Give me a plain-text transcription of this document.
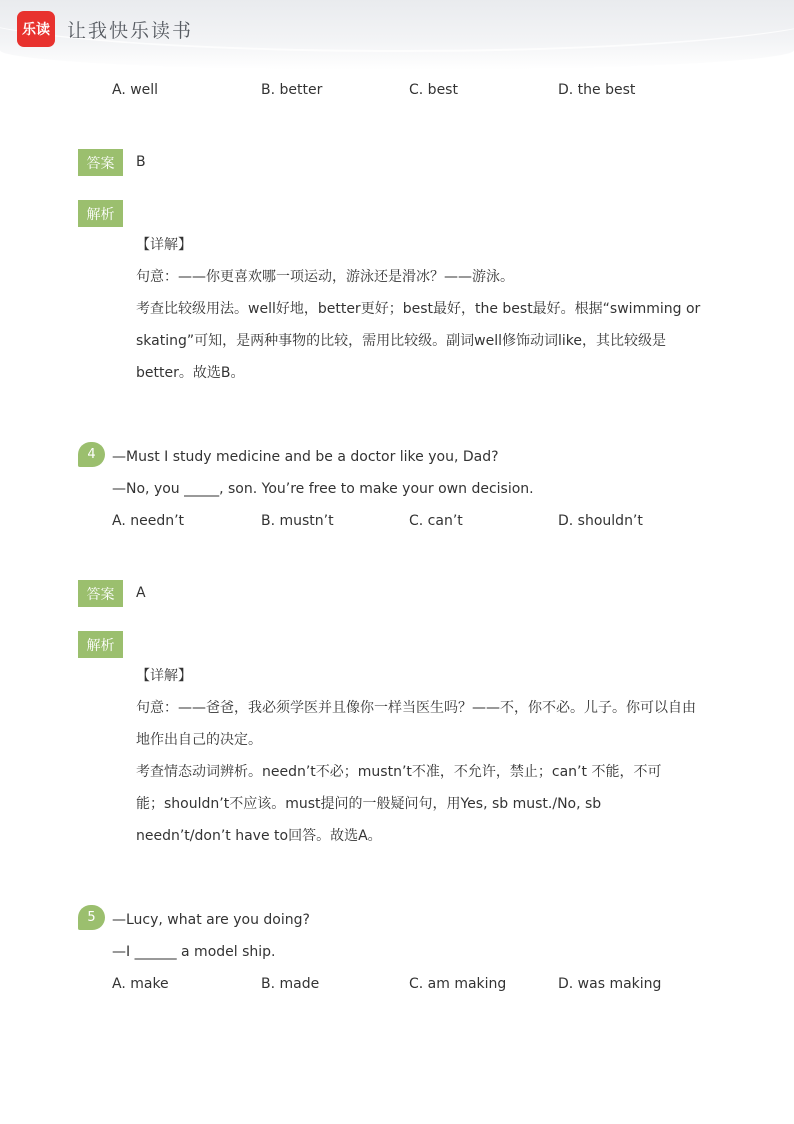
乐读 让我快乐读书
A. well	B. better	C. best	D. the best
答案	B
解析
【详解】
句意：——你更喜欢哪一项运动，游泳还是滑冰？——游泳。
考查比较级用法。well好地，better更好；best最好，the best最好。根据“swimming or
skating”可知，是两种事物的比较，需用比较级。副词well修饰动词like，其比较级是
better。故选B。
4	—Must I study medicine and be a doctor like you, Dad?
—No, you _____, son. You’re free to make your own decision.
A. needn’t	B. mustn’t	C. can’t	D. shouldn’t
答案	A
解析
【详解】
句意：——爸爸，我必须学医并且像你一样当医生吗？——不，你不必。儿子。你可以自由
地作出自己的决定。
考查情态动词辨析。needn’t不必；mustn’t不准，不允许，禁止；can’t 不能，不可
能；shouldn’t不应该。must提问的一般疑问句，用Yes, sb must./No, sb
needn’t/don’t have to回答。故选A。
5	—Lucy, what are you doing?
—I ______ a model ship.
A. make	B. made	C. am making	D. was making
